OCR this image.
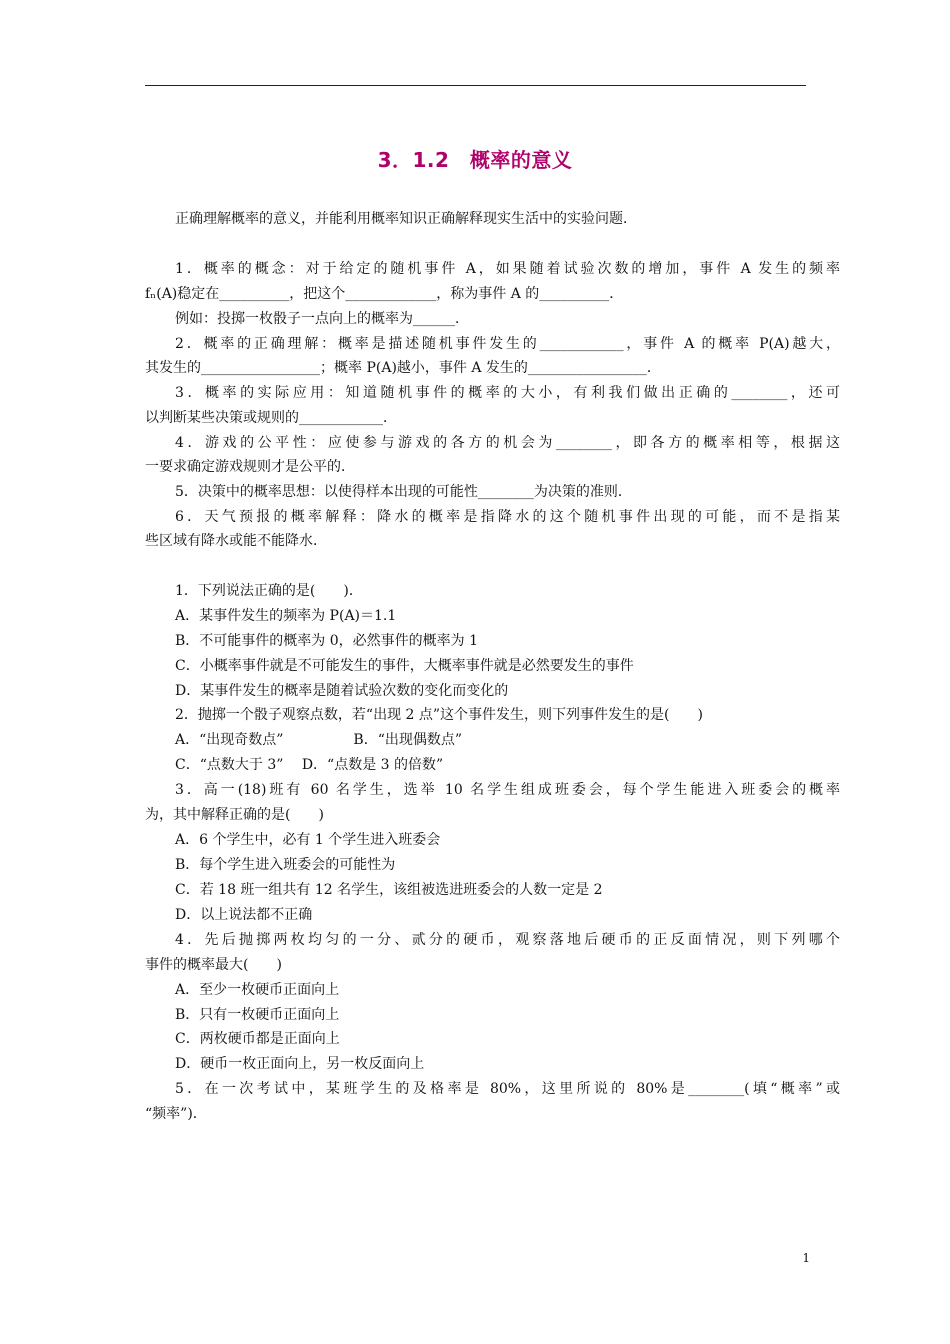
3．1.2　概率的意义
正确理解概率的意义，并能利用概率知识正确解释现实生活中的实验问题．
1．概率的概念：对于给定的随机事件 A，如果随着试验次数的增加，事件 A 发生的频率
fₙ(A)稳定在__________，把这个_____________，称为事件 A 的__________．
例如：投掷一枚骰子一点向上的概率为______．
2．概率的正确理解：概率是描述随机事件发生的____________，事件 A 的概率 P(A)越大，
其发生的_________________；概率 P(A)越小，事件 A 发生的_________________．
3．概率的实际应用：知道随机事件的概率的大小，有利我们做出正确的________，还可
以判断某些决策或规则的____________．
4．游戏的公平性：应使参与游戏的各方的机会为________，即各方的概率相等，根据这
一要求确定游戏规则才是公平的．
5．决策中的概率思想：以使得样本出现的可能性________为决策的准则．
6．天气预报的概率解释：降水的概率是指降水的这个随机事件出现的可能，而不是指某
些区域有降水或能不能降水．
1．下列说法正确的是(　　)．
A．某事件发生的频率为 P(A)＝1.1
B．不可能事件的概率为 0，必然事件的概率为 1
C．小概率事件就是不可能发生的事件，大概率事件就是必然要发生的事件
D．某事件发生的概率是随着试验次数的变化而变化的
2．抛掷一个骰子观察点数，若“出现 2 点”这个事件发生，则下列事件发生的是(　　)
A．“出现奇数点”　　　　　B．“出现偶数点”
C．“点数大于 3”　 D．“点数是 3 的倍数”
3．高一(18)班有 60 名学生，选举 10 名学生组成班委会，每个学生能进入班委会的概率
为，其中解释正确的是(　　)
A．6 个学生中，必有 1 个学生进入班委会
B．每个学生进入班委会的可能性为
C．若 18 班一组共有 12 名学生，该组被选进班委会的人数一定是 2
D．以上说法都不正确
4．先后抛掷两枚均匀的一分、贰分的硬币，观察落地后硬币的正反面情况，则下列哪个
事件的概率最大(　　)
A．至少一枚硬币正面向上
B．只有一枚硬币正面向上
C．两枚硬币都是正面向上
D．硬币一枚正面向上，另一枚反面向上
5．在一次考试中，某班学生的及格率是 80%，这里所说的 80%是________(填“概率”或
“频率”)．
1
